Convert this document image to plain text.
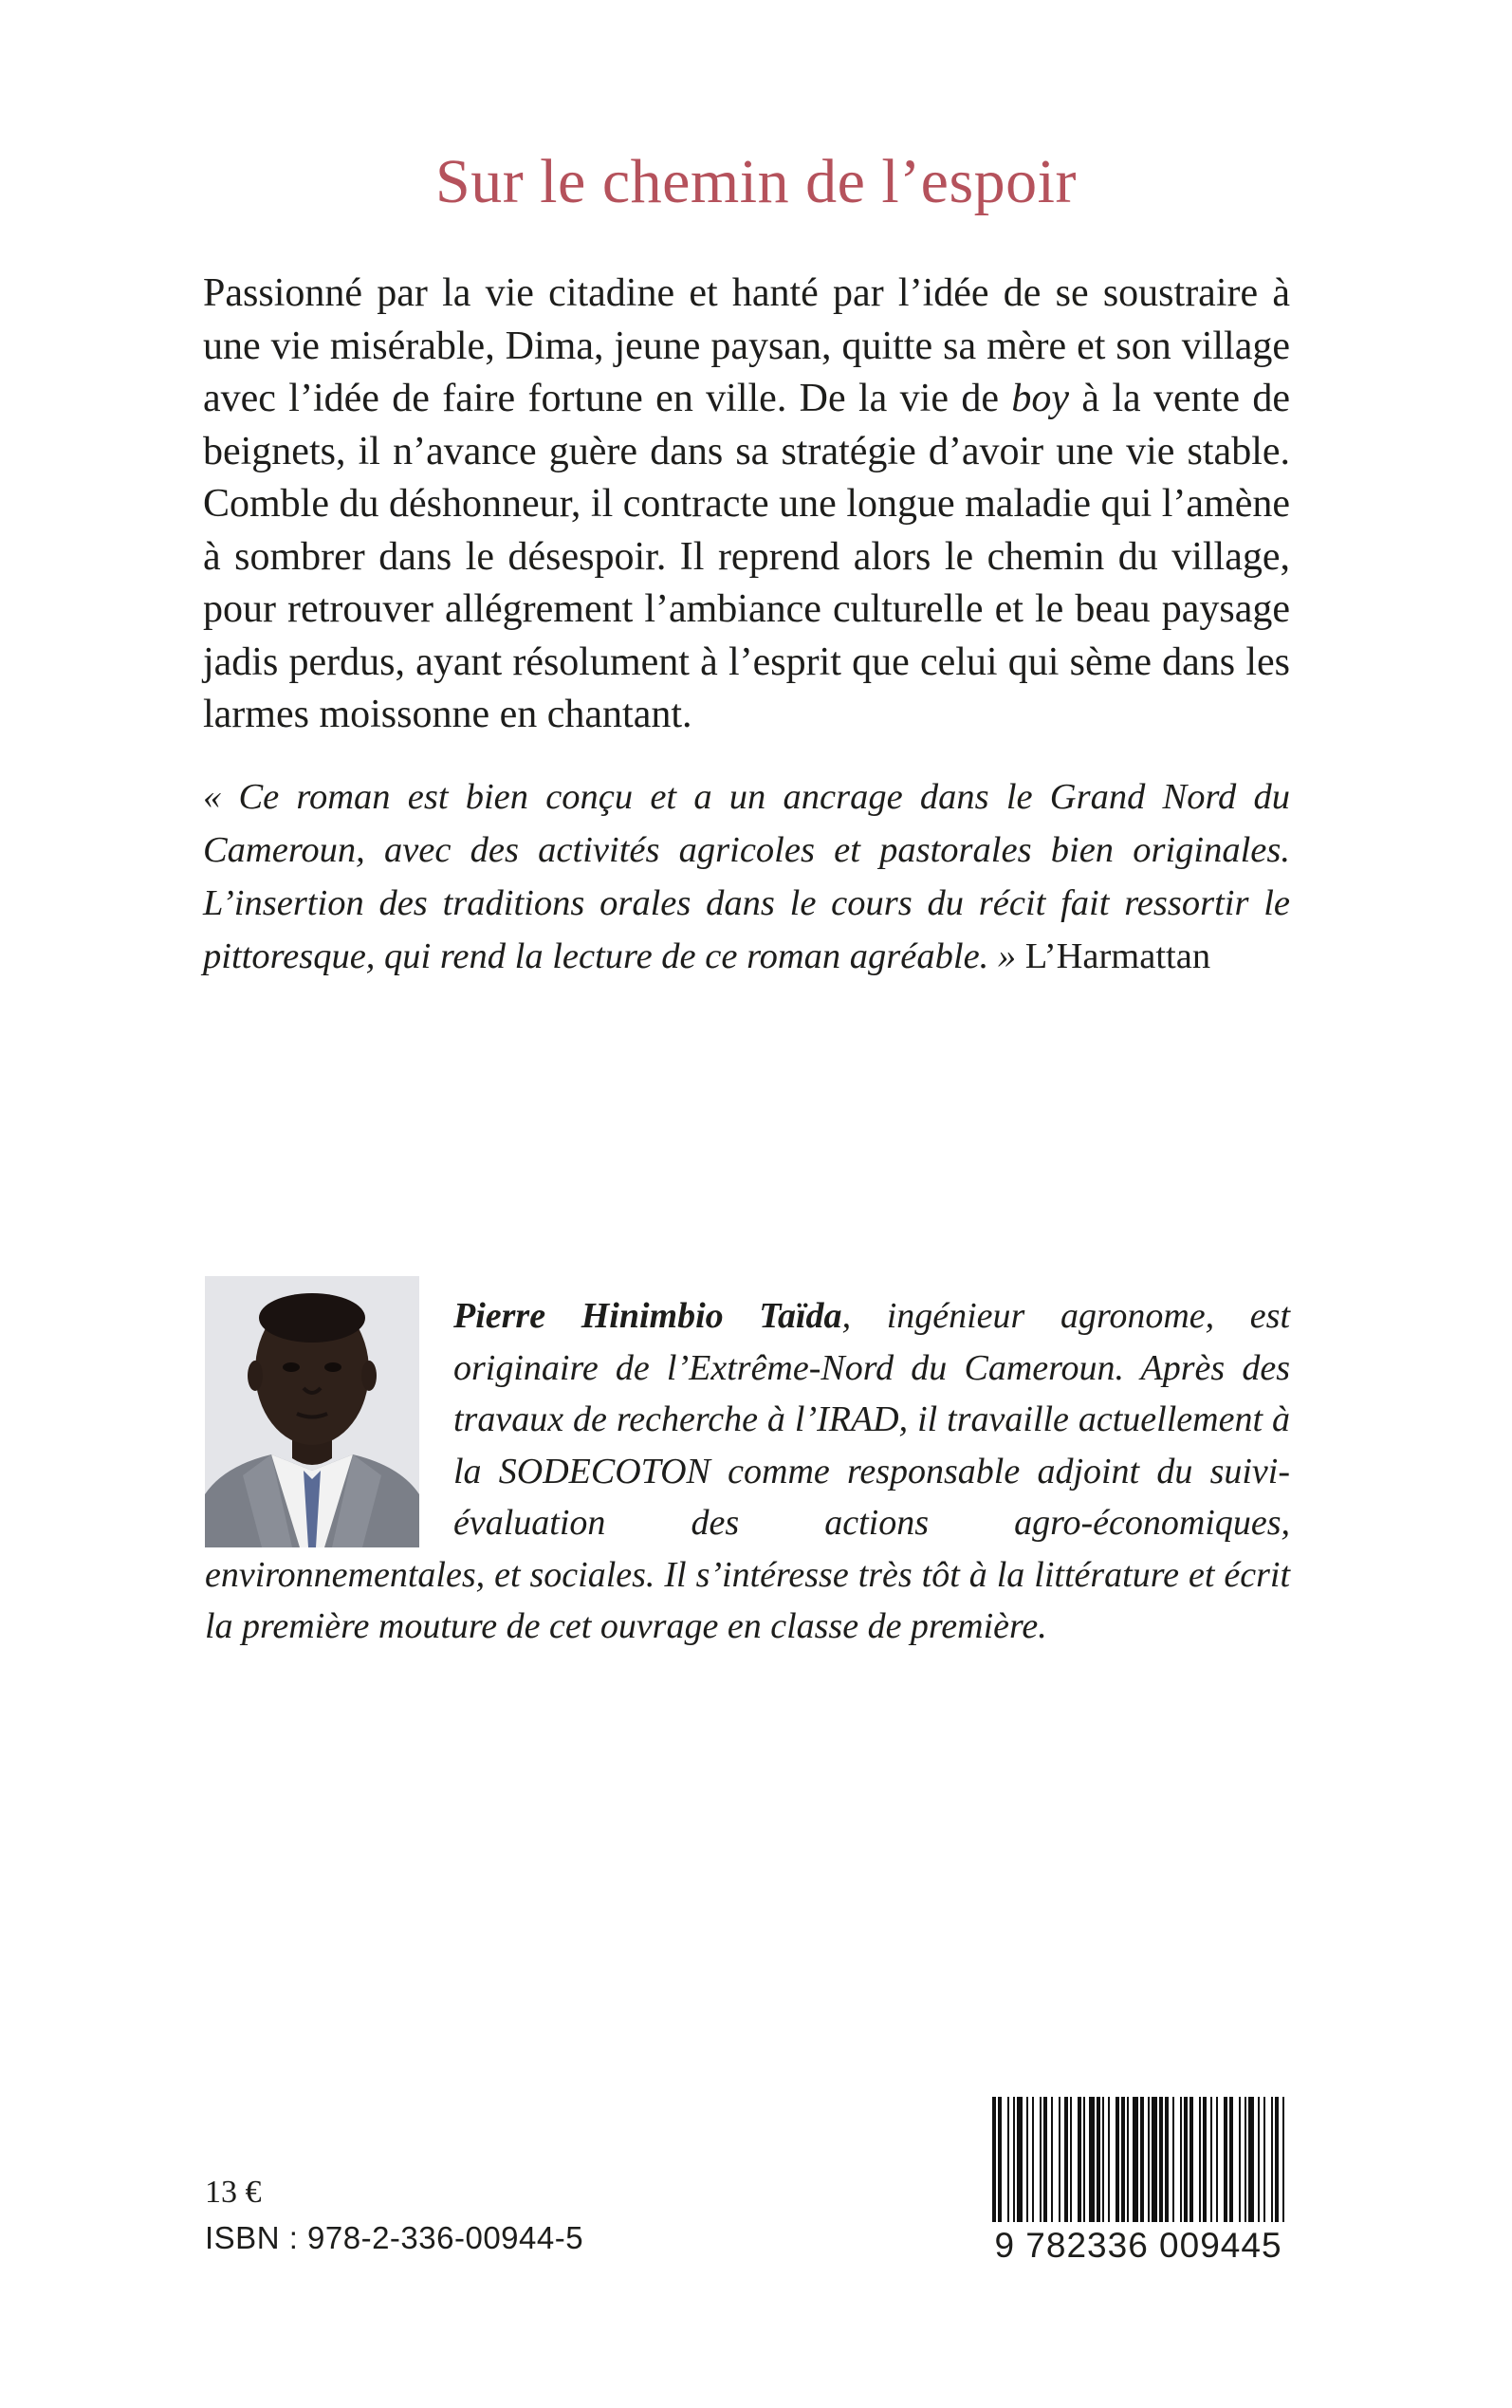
Sur le chemin de l’espoir

Passionné par la vie citadine et hanté par l’idée de se soustraire à une vie misérable, Dima, jeune paysan, quitte sa mère et son village avec l’idée de faire fortune en ville. De la vie de boy à la vente de beignets, il n’avance guère dans sa stratégie d’avoir une vie stable. Comble du déshonneur, il contracte une longue maladie qui l’amène à sombrer dans le désespoir. Il reprend alors le chemin du village, pour retrouver allégrement l’ambiance culturelle et le beau paysage jadis perdus, ayant résolument à l’esprit que celui qui sème dans les larmes moissonne en chantant.

« Ce roman est bien conçu et a un ancrage dans le Grand Nord du Cameroun, avec des activités agricoles et pastorales bien originales. L’insertion des traditions orales dans le cours du récit fait ressortir le pittoresque, qui rend la lecture de ce roman agréable. » L’Harmattan

Pierre Hinimbio Taïda, ingénieur agronome, est originaire de l’Extrême-Nord du Cameroun. Après des travaux de recherche à l’IRAD, il travaille actuellement à la SODECOTON comme responsable adjoint du suivi-évaluation des actions agro-économiques, environnementales, et sociales. Il s’intéresse très tôt à la littérature et écrit la première mouture de cet ouvrage en classe de première.

13 €
ISBN : 978-2-336-00944-5	9 782336 009445
